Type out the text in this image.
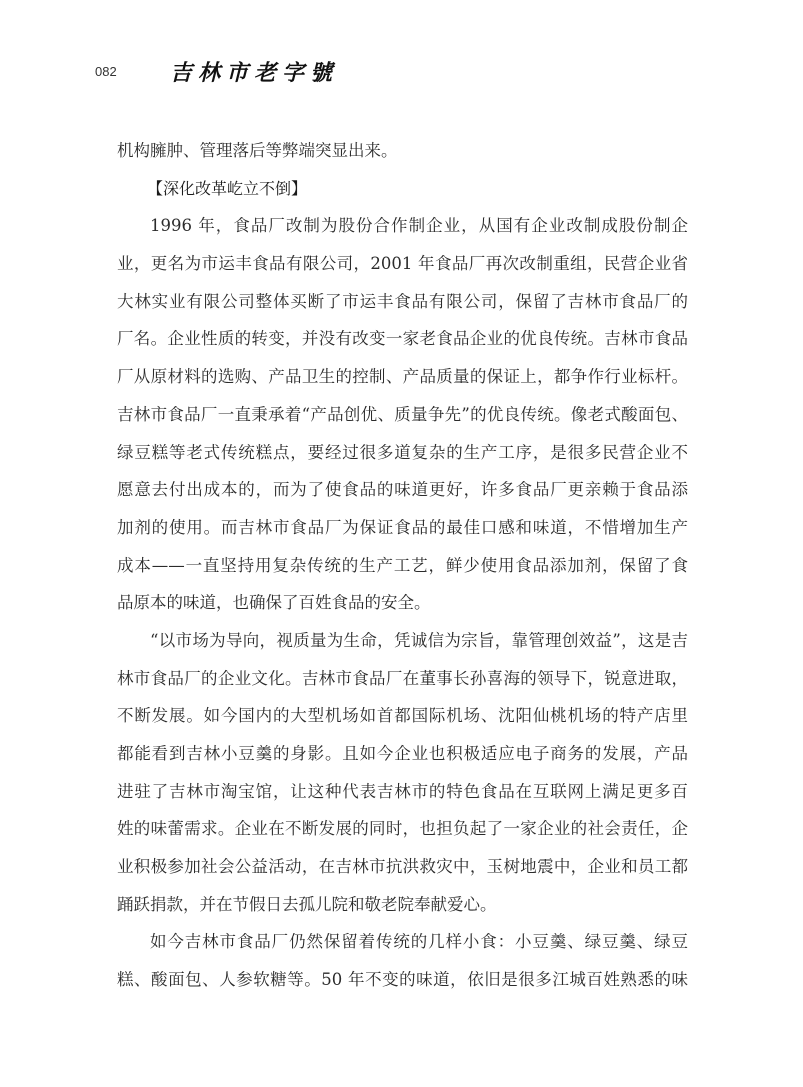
082 吉林市老字號
机构臃肿、管理落后等弊端突显出来。
【深化改革屹立不倒】
1996 年，食品厂改制为股份合作制企业，从国有企业改制成股份制企
业，更名为市运丰食品有限公司，2001 年食品厂再次改制重组，民营企业省
大林实业有限公司整体买断了市运丰食品有限公司，保留了吉林市食品厂的
厂名。企业性质的转变，并没有改变一家老食品企业的优良传统。吉林市食品
厂从原材料的选购、产品卫生的控制、产品质量的保证上，都争作行业标杆。
吉林市食品厂一直秉承着“产品创优、质量争先”的优良传统。像老式酸面包、
绿豆糕等老式传统糕点，要经过很多道复杂的生产工序，是很多民营企业不
愿意去付出成本的，而为了使食品的味道更好，许多食品厂更亲赖于食品添
加剂的使用。而吉林市食品厂为保证食品的最佳口感和味道，不惜增加生产
成本——一直坚持用复杂传统的生产工艺，鲜少使用食品添加剂，保留了食
品原本的味道，也确保了百姓食品的安全。
“以市场为导向，视质量为生命，凭诚信为宗旨，靠管理创效益”，这是吉
林市食品厂的企业文化。吉林市食品厂在董事长孙喜海的领导下，锐意进取，
不断发展。如今国内的大型机场如首都国际机场、沈阳仙桃机场的特产店里
都能看到吉林小豆羹的身影。且如今企业也积极适应电子商务的发展，产品
进驻了吉林市淘宝馆，让这种代表吉林市的特色食品在互联网上满足更多百
姓的味蕾需求。企业在不断发展的同时，也担负起了一家企业的社会责任，企
业积极参加社会公益活动，在吉林市抗洪救灾中，玉树地震中，企业和员工都
踊跃捐款，并在节假日去孤儿院和敬老院奉献爱心。
如今吉林市食品厂仍然保留着传统的几样小食：小豆羹、绿豆羹、绿豆
糕、酸面包、人参软糖等。50 年不变的味道，依旧是很多江城百姓熟悉的味
